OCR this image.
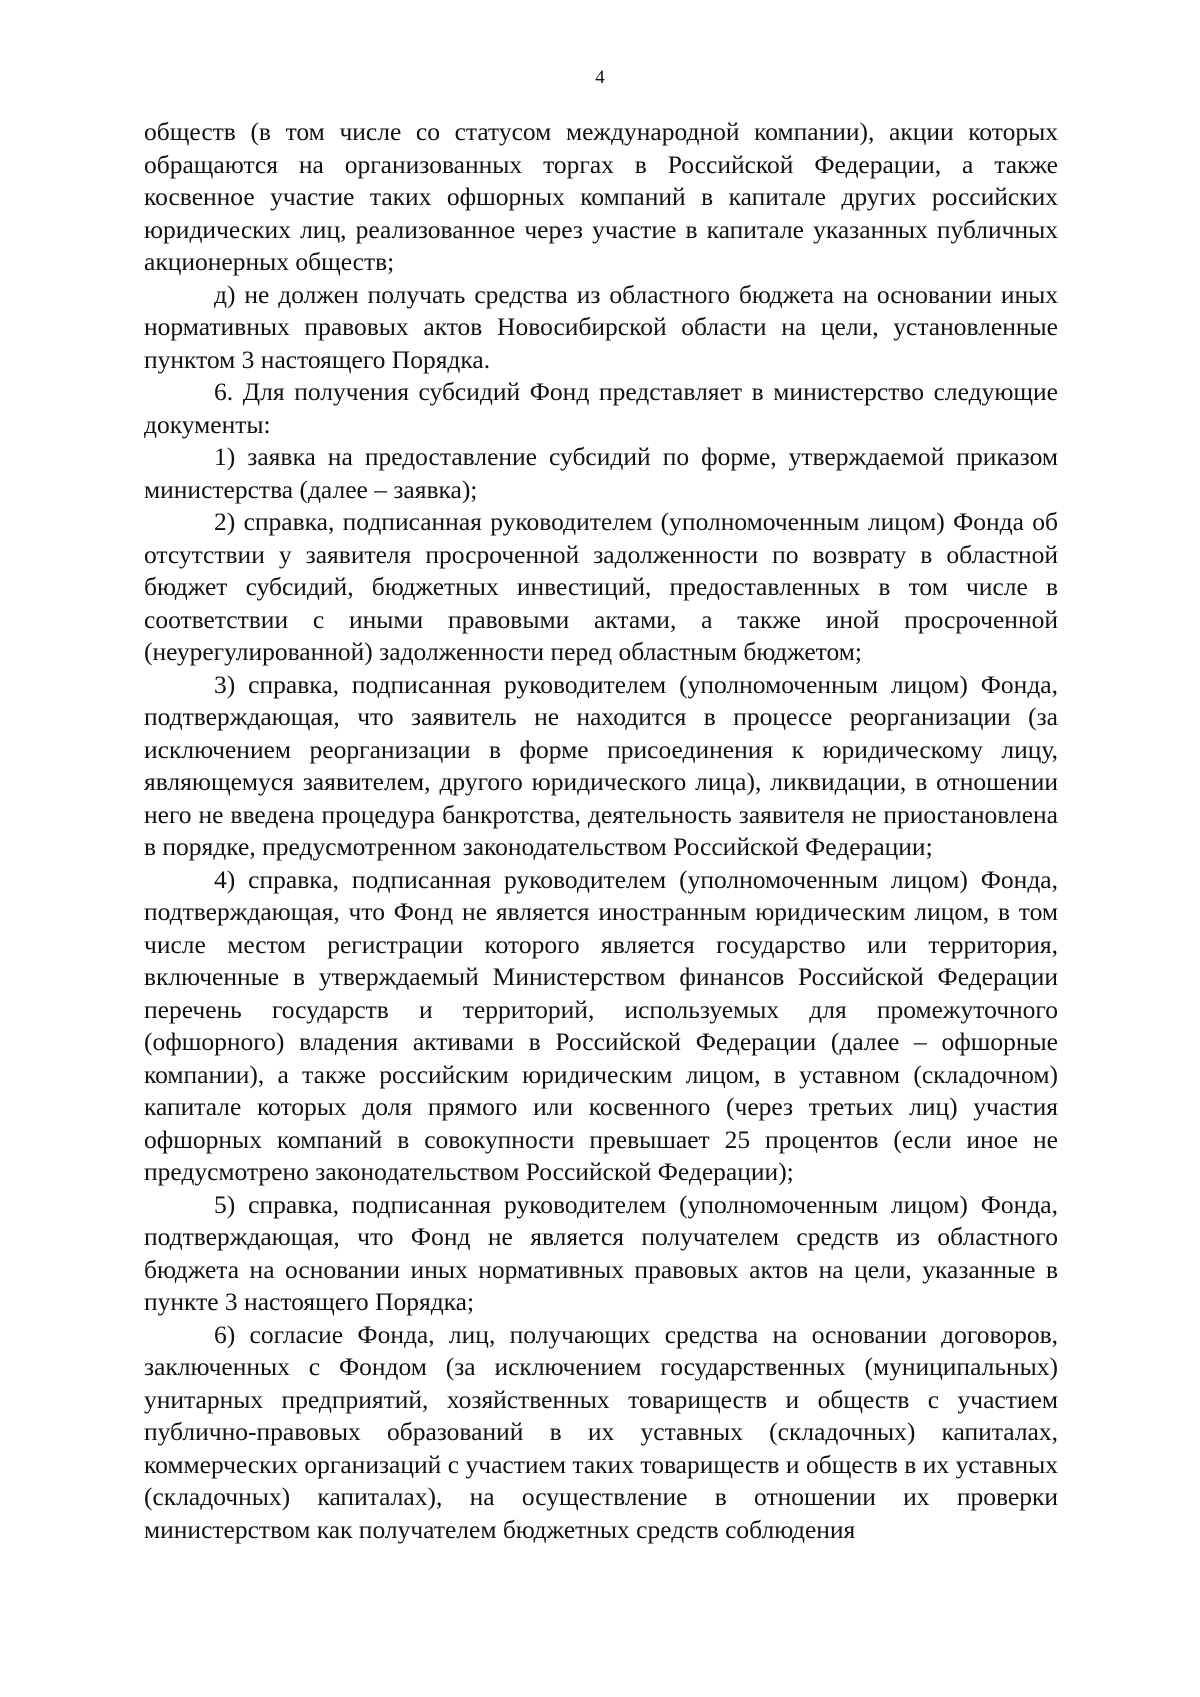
4

обществ (в том числе со статусом международной компании), акции которых обращаются на организованных торгах в Российской Федерации, а также косвенное участие таких офшорных компаний в капитале других российских юридических лиц, реализованное через участие в капитале указанных публичных акционерных обществ;

д) не должен получать средства из областного бюджета на основании иных нормативных правовых актов Новосибирской области на цели, установленные пунктом 3 настоящего Порядка.

6. Для получения субсидий Фонд представляет в министерство следующие документы:

1) заявка на предоставление субсидий по форме, утверждаемой приказом министерства (далее – заявка);

2) справка, подписанная руководителем (уполномоченным лицом) Фонда об отсутствии у заявителя просроченной задолженности по возврату в областной бюджет субсидий, бюджетных инвестиций, предоставленных в том числе в соответствии с иными правовыми актами, а также иной просроченной (неурегулированной) задолженности перед областным бюджетом;

3) справка, подписанная руководителем (уполномоченным лицом) Фонда, подтверждающая, что заявитель не находится в процессе реорганизации (за исключением реорганизации в форме присоединения к юридическому лицу, являющемуся заявителем, другого юридического лица), ликвидации, в отношении него не введена процедура банкротства, деятельность заявителя не приостановлена в порядке, предусмотренном законодательством Российской Федерации;

4) справка, подписанная руководителем (уполномоченным лицом) Фонда, подтверждающая, что Фонд не является иностранным юридическим лицом, в том числе местом регистрации которого является государство или территория, включенные в утверждаемый Министерством финансов Российской Федерации перечень государств и территорий, используемых для промежуточного (офшорного) владения активами в Российской Федерации (далее – офшорные компании), а также российским юридическим лицом, в уставном (складочном) капитале которых доля прямого или косвенного (через третьих лиц) участия офшорных компаний в совокупности превышает 25 процентов (если иное не предусмотрено законодательством Российской Федерации);

5) справка, подписанная руководителем (уполномоченным лицом) Фонда, подтверждающая, что Фонд не является получателем средств из областного бюджета на основании иных нормативных правовых актов на цели, указанные в пункте 3 настоящего Порядка;

6) согласие Фонда, лиц, получающих средства на основании договоров, заключенных с Фондом (за исключением государственных (муниципальных) унитарных предприятий, хозяйственных товариществ и обществ с участием публично-правовых образований в их уставных (складочных) капиталах, коммерческих организаций с участием таких товариществ и обществ в их уставных (складочных) капиталах), на осуществление в отношении их проверки министерством как получателем бюджетных средств соблюдения
